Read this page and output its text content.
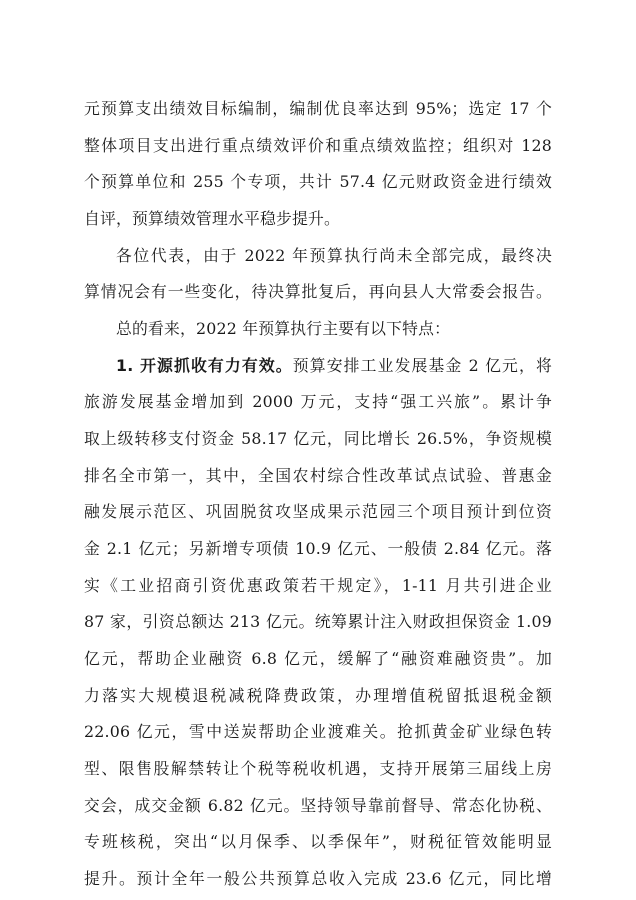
元预算支出绩效目标编制，编制优良率达到 95%；选定 17 个
整体项目支出进行重点绩效评价和重点绩效监控；组织对 128
个预算单位和 255 个专项，共计 57.4 亿元财政资金进行绩效
自评，预算绩效管理水平稳步提升。
各位代表，由于 2022 年预算执行尚未全部完成，最终决
算情况会有一些变化，待决算批复后，再向县人大常委会报告。
总的看来，2022 年预算执行主要有以下特点：
1. 开源抓收有力有效。预算安排工业发展基金 2 亿元，将
旅游发展基金增加到 2000 万元，支持“强工兴旅”。累计争
取上级转移支付资金 58.17 亿元，同比增长 26.5%，争资规模
排名全市第一，其中，全国农村综合性改革试点试验、普惠金
融发展示范区、巩固脱贫攻坚成果示范园三个项目预计到位资
金 2.1 亿元；另新增专项债 10.9 亿元、一般债 2.84 亿元。落
实《工业招商引资优惠政策若干规定》，1-11 月共引进企业
87 家，引资总额达 213 亿元。统筹累计注入财政担保资金 1.09
亿元，帮助企业融资 6.8 亿元，缓解了“融资难融资贵”。加
力落实大规模退税减税降费政策，办理增值税留抵退税金额
22.06 亿元，雪中送炭帮助企业渡难关。抢抓黄金矿业绿色转
型、限售股解禁转让个税等税收机遇，支持开展第三届线上房
交会，成交金额 6.82 亿元。坚持领导靠前督导、常态化协税、
专班核税，突出“以月保季、以季保年”，财税征管效能明显
提升。预计全年一般公共预算总收入完成 23.6 亿元，同比增
